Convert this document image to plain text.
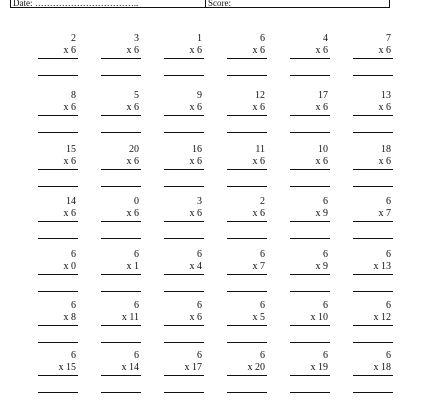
Date: ……………………………..	Score:
2
x 6
3
x 6
1
x 6
6
x 6
4
x 6
7
x 6
8
x 6
5
x 6
9
x 6
12
x 6
17
x 6
13
x 6
15
x 6
20
x 6
16
x 6
11
x 6
10
x 6
18
x 6
14
x 6
0
x 6
3
x 6
2
x 6
6
x 9
6
x 7
6
x 0
6
x 1
6
x 4
6
x 7
6
x 9
6
x 13
6
x 8
6
x 11
6
x 6
6
x 5
6
x 10
6
x 12
6
x 15
6
x 14
6
x 17
6
x 20
6
x 19
6
x 18
